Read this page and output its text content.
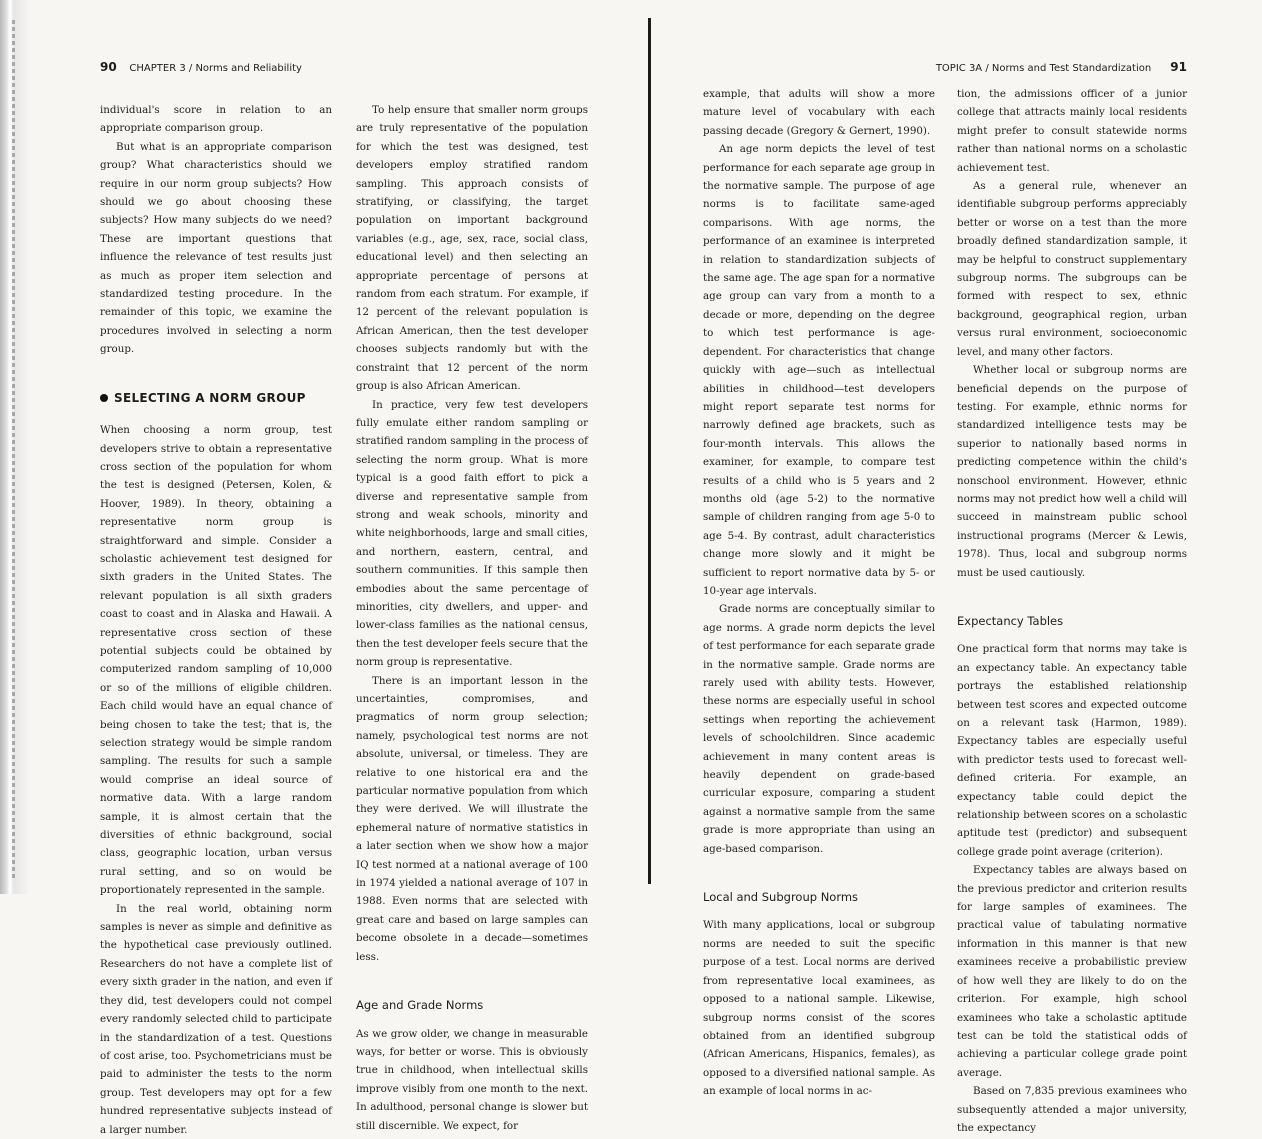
90 CHAPTER 3 / Norms and Reliability	TOPIC 3A / Norms and Test Standardization 91

individual's score in relation to an appropriate comparison group.

But what is an appropriate comparison group? What characteristics should we require in our norm group subjects? How should we go about choosing these subjects? How many subjects do we need? These are important questions that influence the relevance of test results just as much as proper item selection and standardized testing procedure. In the remainder of this topic, we examine the procedures involved in selecting a norm group.

SELECTING A NORM GROUP

When choosing a norm group, test developers strive to obtain a representative cross section of the population for whom the test is designed (Petersen, Kolen, & Hoover, 1989). In theory, obtaining a representative norm group is straightforward and simple. Consider a scholastic achievement test designed for sixth graders in the United States. The relevant population is all sixth graders coast to coast and in Alaska and Hawaii. A representative cross section of these potential subjects could be obtained by computerized random sampling of 10,000 or so of the millions of eligible children. Each child would have an equal chance of being chosen to take the test; that is, the selection strategy would be simple random sampling. The results for such a sample would comprise an ideal source of normative data. With a large random sample, it is almost certain that the diversities of ethnic background, social class, geographic location, urban versus rural setting, and so on would be proportionately represented in the sample.

In the real world, obtaining norm samples is never as simple and definitive as the hypothetical case previously outlined. Researchers do not have a complete list of every sixth grader in the nation, and even if they did, test developers could not compel every randomly selected child to participate in the standardization of a test. Questions of cost arise, too. Psychometricians must be paid to administer the tests to the norm group. Test developers may opt for a few hundred representative subjects instead of a larger number.

To help ensure that smaller norm groups are truly representative of the population for which the test was designed, test developers employ stratified random sampling. This approach consists of stratifying, or classifying, the target population on important background variables (e.g., age, sex, race, social class, educational level) and then selecting an appropriate percentage of persons at random from each stratum. For example, if 12 percent of the relevant population is African American, then the test developer chooses subjects randomly but with the constraint that 12 percent of the norm group is also African American.

In practice, very few test developers fully emulate either random sampling or stratified random sampling in the process of selecting the norm group. What is more typical is a good faith effort to pick a diverse and representative sample from strong and weak schools, minority and white neighborhoods, large and small cities, and northern, eastern, central, and southern communities. If this sample then embodies about the same percentage of minorities, city dwellers, and upper- and lower-class families as the national census, then the test developer feels secure that the norm group is representative.

There is an important lesson in the uncertainties, compromises, and pragmatics of norm group selection; namely, psychological test norms are not absolute, universal, or timeless. They are relative to one historical era and the particular normative population from which they were derived. We will illustrate the ephemeral nature of normative statistics in a later section when we show how a major IQ test normed at a national average of 100 in 1974 yielded a national average of 107 in 1988. Even norms that are selected with great care and based on large samples can become obsolete in a decade—sometimes less.

Age and Grade Norms

As we grow older, we change in measurable ways, for better or worse. This is obviously true in childhood, when intellectual skills improve visibly from one month to the next. In adulthood, personal change is slower but still discernible. We expect, for

example, that adults will show a more mature level of vocabulary with each passing decade (Gregory & Gernert, 1990).

An age norm depicts the level of test performance for each separate age group in the normative sample. The purpose of age norms is to facilitate same-aged comparisons. With age norms, the performance of an examinee is interpreted in relation to standardization subjects of the same age. The age span for a normative age group can vary from a month to a decade or more, depending on the degree to which test performance is age-dependent. For characteristics that change quickly with age—such as intellectual abilities in childhood—test developers might report separate test norms for narrowly defined age brackets, such as four-month intervals. This allows the examiner, for example, to compare test results of a child who is 5 years and 2 months old (age 5-2) to the normative sample of children ranging from age 5-0 to age 5-4. By contrast, adult characteristics change more slowly and it might be sufficient to report normative data by 5- or 10-year age intervals.

Grade norms are conceptually similar to age norms. A grade norm depicts the level of test performance for each separate grade in the normative sample. Grade norms are rarely used with ability tests. However, these norms are especially useful in school settings when reporting the achievement levels of schoolchildren. Since academic achievement in many content areas is heavily dependent on grade-based curricular exposure, comparing a student against a normative sample from the same grade is more appropriate than using an age-based comparison.

Local and Subgroup Norms

With many applications, local or subgroup norms are needed to suit the specific purpose of a test. Local norms are derived from representative local examinees, as opposed to a national sample. Likewise, subgroup norms consist of the scores obtained from an identified subgroup (African Americans, Hispanics, females), as opposed to a diversified national sample. As an example of local norms in ac-

tion, the admissions officer of a junior college that attracts mainly local residents might prefer to consult statewide norms rather than national norms on a scholastic achievement test.

As a general rule, whenever an identifiable subgroup performs appreciably better or worse on a test than the more broadly defined standardization sample, it may be helpful to construct supplementary subgroup norms. The subgroups can be formed with respect to sex, ethnic background, geographical region, urban versus rural environment, socioeconomic level, and many other factors.

Whether local or subgroup norms are beneficial depends on the purpose of testing. For example, ethnic norms for standardized intelligence tests may be superior to nationally based norms in predicting competence within the child's nonschool environment. However, ethnic norms may not predict how well a child will succeed in mainstream public school instructional programs (Mercer & Lewis, 1978). Thus, local and subgroup norms must be used cautiously.

Expectancy Tables

One practical form that norms may take is an expectancy table. An expectancy table portrays the established relationship between test scores and expected outcome on a relevant task (Harmon, 1989). Expectancy tables are especially useful with predictor tests used to forecast well-defined criteria. For example, an expectancy table could depict the relationship between scores on a scholastic aptitude test (predictor) and subsequent college grade point average (criterion).

Expectancy tables are always based on the previous predictor and criterion results for large samples of examinees. The practical value of tabulating normative information in this manner is that new examinees receive a probabilistic preview of how well they are likely to do on the criterion. For example, high school examinees who take a scholastic aptitude test can be told the statistical odds of achieving a particular college grade point average.

Based on 7,835 previous examinees who subsequently attended a major university, the expectancy
